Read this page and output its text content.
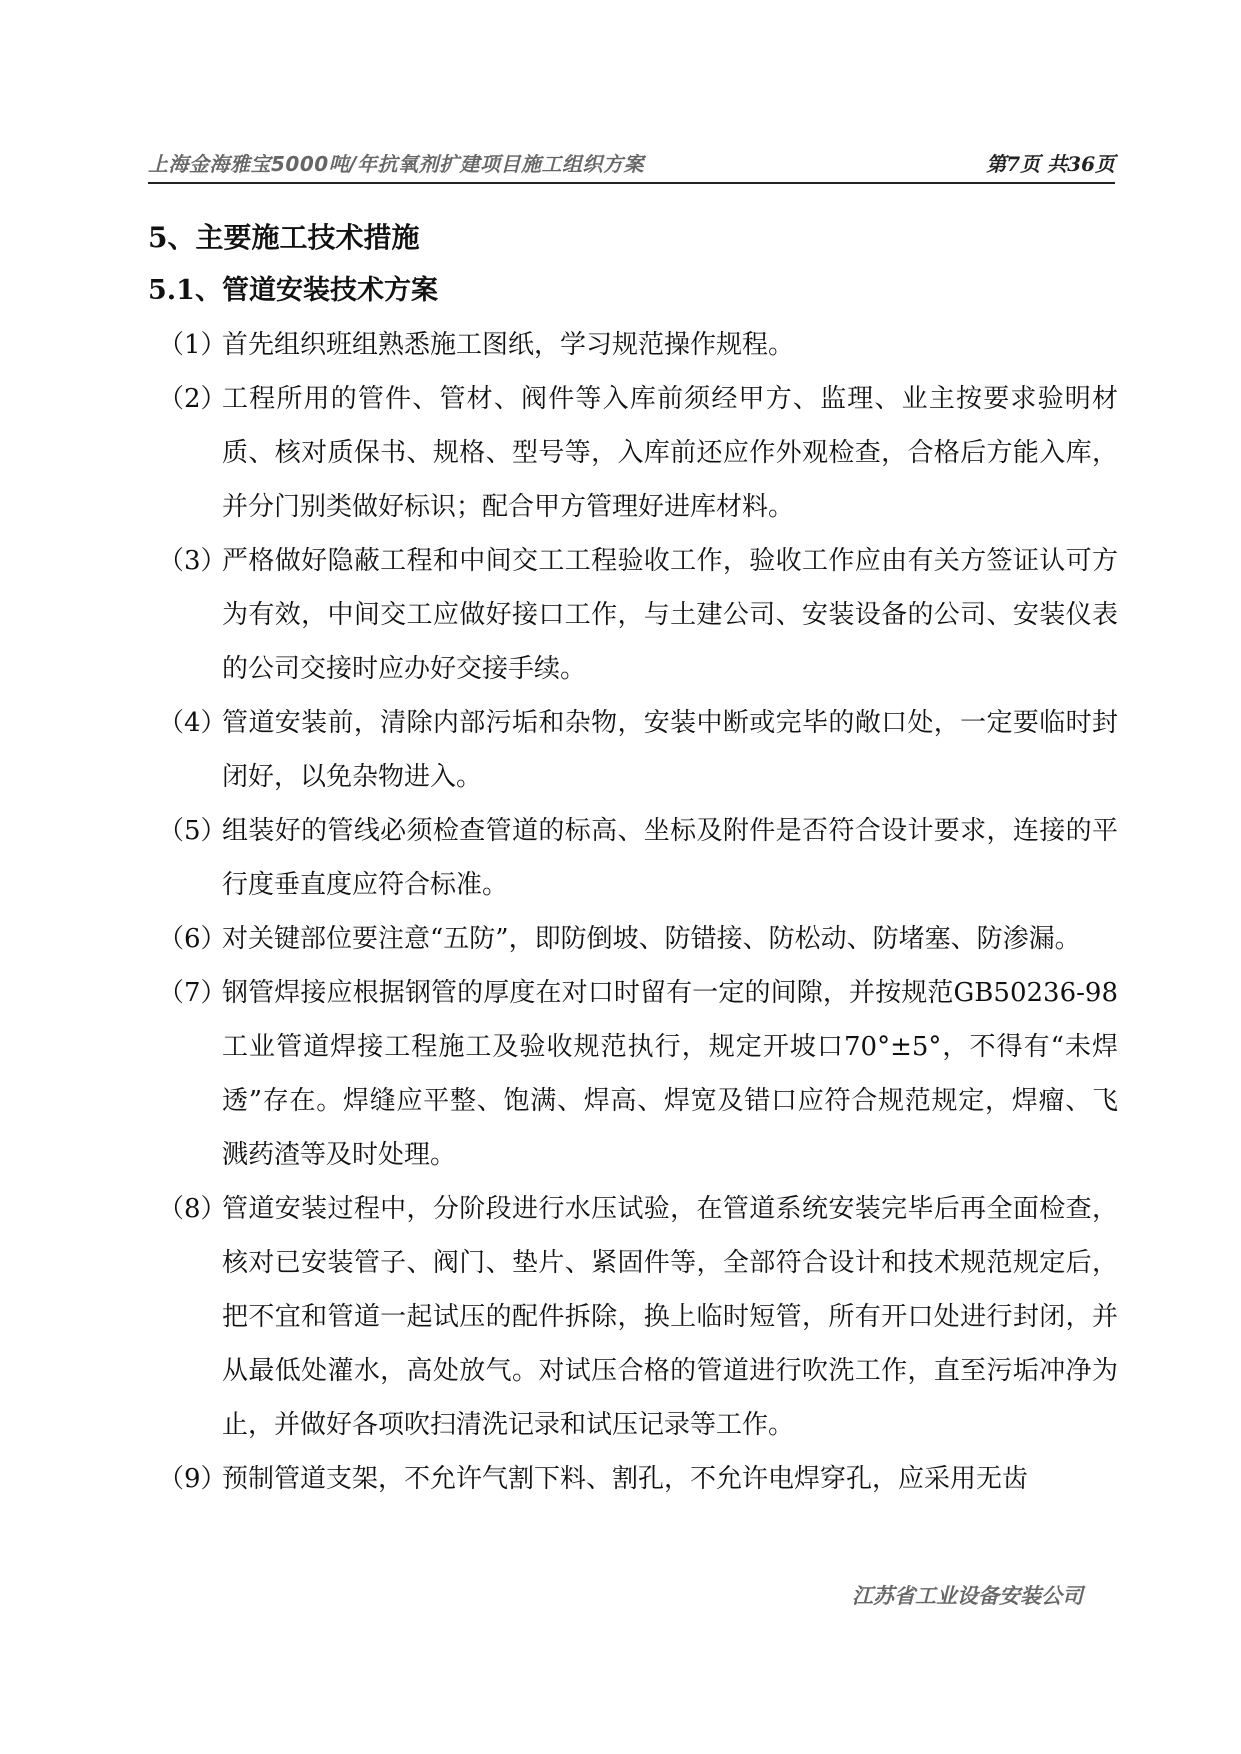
上海金海雅宝5000吨/年抗氧剂扩建项目施工组织方案	第7页 共36页
5、主要施工技术措施
5.1、管道安装技术方案
（1）
首先组织班组熟悉施工图纸，学习规范操作规程。
（2）
工程所用的管件、管材、阀件等入库前须经甲方、监理、业主按要求验明材质、核对质保书、规格、型号等，入库前还应作外观检查，合格后方能入库，并分门别类做好标识；配合甲方管理好进库材料。
（3）
严格做好隐蔽工程和中间交工工程验收工作，验收工作应由有关方签证认可方为有效，中间交工应做好接口工作，与土建公司、安装设备的公司、安装仪表的公司交接时应办好交接手续。
（4）
管道安装前，清除内部污垢和杂物，安装中断或完毕的敞口处，一定要临时封闭好，以免杂物进入。
（5）
组装好的管线必须检查管道的标高、坐标及附件是否符合设计要求，连接的平行度垂直度应符合标准。
（6）
对关键部位要注意“五防”，即防倒坡、防错接、防松动、防堵塞、防渗漏。
（7）
钢管焊接应根据钢管的厚度在对口时留有一定的间隙，并按规范GB50236-98工业管道焊接工程施工及验收规范执行，规定开坡口70°±5°，不得有“未焊透”存在。焊缝应平整、饱满、焊高、焊宽及错口应符合规范规定，焊瘤、飞溅药渣等及时处理。
（8）
管道安装过程中，分阶段进行水压试验，在管道系统安装完毕后再全面检查，核对已安装管子、阀门、垫片、紧固件等，全部符合设计和技术规范规定后，把不宜和管道一起试压的配件拆除，换上临时短管，所有开口处进行封闭，并从最低处灌水，高处放气。对试压合格的管道进行吹洗工作，直至污垢冲净为止，并做好各项吹扫清洗记录和试压记录等工作。
（9）
预制管道支架，不允许气割下料、割孔，不允许电焊穿孔，应采用无齿
江苏省工业设备安装公司
